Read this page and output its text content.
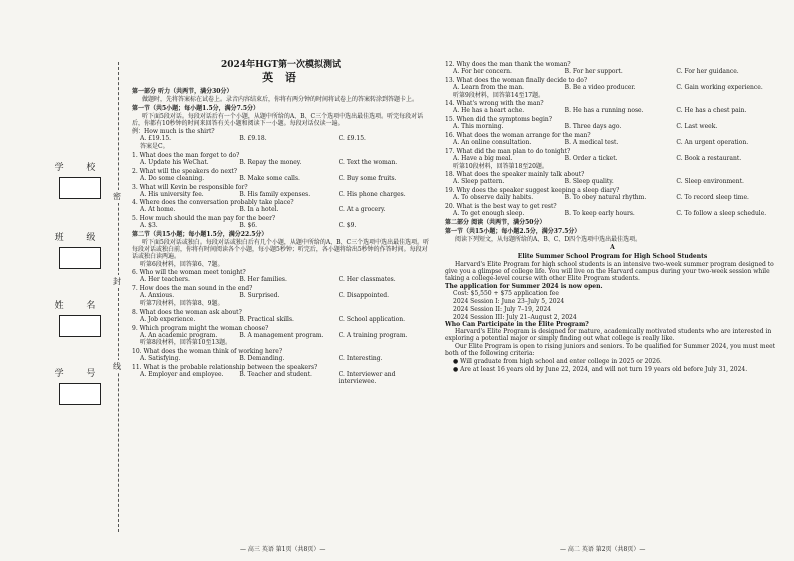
密
封
线
学 校
班 级
姓 名
学 号
2024年HGT第一次模拟测试
英 语
第一部分 听力（共两节，满分30分）
做题时，先将答案标在试卷上。录音内容结束后，你将有两分钟的时间将试卷上的答案转涂到答题卡上。
第一节（共5小题；每小题1.5分，满分7.5分）
听下面5段对话。每段对话后有一个小题，从题中所给的A、B、C三个选项中选出最佳选项。听完每段对话后，你都有10秒钟的时间来回答有关小题和阅读下一小题。每段对话仅读一遍。
例：How much is the shirt?
A. £19.15.	B. £9.18.	C. £9.15.
答案是C。
1. What does the man forget to do?
A. Update his WeChat.	B. Repay the money.	C. Text the woman.
2. What will the speakers do next?
A. Do some cleaning.	B. Make some calls.	C. Buy some fruits.
3. What will Kevin be responsible for?
A. His university fee.	B. His family expenses.	C. His phone charges.
4. Where does the conversation probably take place?
A. At home.	B. In a hotel.	C. At a grocery.
5. How much should the man pay for the beer?
A. $3.	B. $6.	C. $9.
第二节（共15小题；每小题1.5分，满分22.5分）
听下面5段对话或独白。每段对话或独白后有几个小题，从题中所给的A、B、C三个选项中选出最佳选项。听每段对话或独白前，你将有时间阅读各个小题，每小题5秒钟；听完后，各小题将给出5秒钟的作答时间。每段对话或独白读两遍。
听第6段材料，回答第6、7题。
6. Who will the woman meet tonight?
A. Her teachers.	B. Her families.	C. Her classmates.
7. How does the man sound in the end?
A. Anxious.	B. Surprised.	C. Disappointed.
听第7段材料，回答第8、9题。
8. What does the woman ask about?
A. Job experience.	B. Practical skills.	C. School application.
9. Which program might the woman choose?
A. An academic program.	B. A management program.	C. A training program.
听第8段材料，回答第10至13题。
10. What does the woman think of working here?
A. Satisfying.	B. Demanding.	C. Interesting.
11. What is the probable relationship between the speakers?
A. Employer and employee.	B. Teacher and student.	C. Interviewer and interviewee.
12. Why does the man thank the woman?
A. For her concern.	B. For her support.	C. For her guidance.
13. What does the woman finally decide to do?
A. Learn from the man.	B. Be a video producer.	C. Gain working experience.
听第9段材料，回答第14至17题。
14. What's wrong with the man?
A. He has a heart ache.	B. He has a running nose.	C. He has a chest pain.
15. When did the symptoms begin?
A. This morning.	B. Three days ago.	C. Last week.
16. What does the woman arrange for the man?
A. An online consultation.	B. A medical test.	C. An urgent operation.
17. What did the man plan to do tonight?
A. Have a big meal.	B. Order a ticket.	C. Book a restaurant.
听第10段材料，回答第18至20题。
18. What does the speaker mainly talk about?
A. Sleep pattern.	B. Sleep quality.	C. Sleep environment.
19. Why does the speaker suggest keeping a sleep diary?
A. To observe daily habits.	B. To obey natural rhythm.	C. To record sleep time.
20. What is the best way to get rest?
A. To get enough sleep.	B. To keep early hours.	C. To follow a sleep schedule.
第二部分 阅读（共两节，满分50分）
第一节（共15小题；每小题2.5分，满分37.5分）
阅读下列短文，从每题所给的A、B、C、D四个选项中选出最佳选项。
A
Elite Summer School Program for High School Students
Harvard's Elite Program for high school students is an intensive two-week summer program designed to give you a glimpse of college life. You will live on the Harvard campus during your two-week session while taking a college-level course with other Elite Program students.
The application for Summer 2024 is now open.
Cost: $5,550 + $75 application fee
2024 Session I: June 23–July 5, 2024
2024 Session II: July 7–19, 2024
2024 Session III: July 21–August 2, 2024
Who Can Participate in the Elite Program?
Harvard's Elite Program is designed for mature, academically motivated students who are interested in exploring a potential major or simply finding out what college is really like.
Our Elite Program is open to rising juniors and seniors. To be qualified for Summer 2024, you must meet both of the following criteria:
● Will graduate from high school and enter college in 2025 or 2026.
● Are at least 16 years old by June 22, 2024, and will not turn 19 years old before July 31, 2024.
— 高三 英语 第1页（共8页）—	— 高二 英语 第2页（共8页）—
